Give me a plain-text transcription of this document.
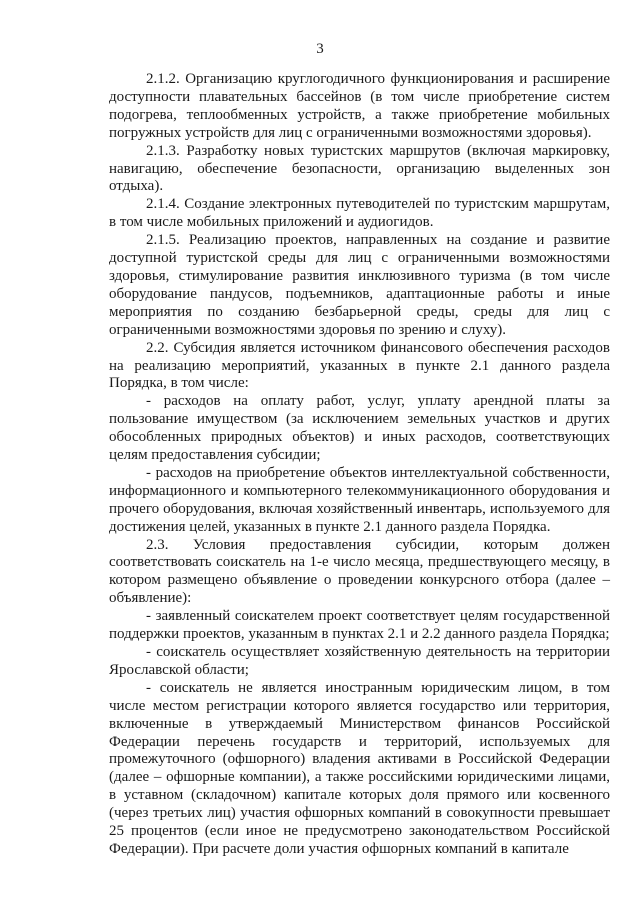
3

2.1.2. Организацию круглогодичного функционирования и расширение доступности плавательных бассейнов (в том числе приобретение систем подогрева, теплообменных устройств, а также приобретение мобильных погружных устройств для лиц с ограниченными возможностями здоровья).

2.1.3. Разработку новых туристских маршрутов (включая маркировку, навигацию, обеспечение безопасности, организацию выделенных зон отдыха).

2.1.4. Создание электронных путеводителей по туристским маршрутам, в том числе мобильных приложений и аудиогидов.

2.1.5. Реализацию проектов, направленных на создание и развитие доступной туристской среды для лиц с ограниченными возможностями здоровья, стимулирование развития инклюзивного туризма (в том числе оборудование пандусов, подъемников, адаптационные работы и иные мероприятия по созданию безбарьерной среды, среды для лиц с ограниченными возможностями здоровья по зрению и слуху).

2.2. Субсидия является источником финансового обеспечения расходов на реализацию мероприятий, указанных в пункте 2.1 данного раздела Порядка, в том числе:

- расходов на оплату работ, услуг, уплату арендной платы за пользование имуществом (за исключением земельных участков и других обособленных природных объектов) и иных расходов, соответствующих целям предоставления субсидии;

- расходов на приобретение объектов интеллектуальной собственности, информационного и компьютерного телекоммуникационного оборудования и прочего оборудования, включая хозяйственный инвентарь, используемого для достижения целей, указанных в пункте 2.1 данного раздела Порядка.

2.3. Условия предоставления субсидии, которым должен соответствовать соискатель на 1-е число месяца, предшествующего месяцу, в котором размещено объявление о проведении конкурсного отбора (далее – объявление):

- заявленный соискателем проект соответствует целям государственной поддержки проектов, указанным в пунктах 2.1 и 2.2 данного раздела Порядка;

- соискатель осуществляет хозяйственную деятельность на территории Ярославской области;

- соискатель не является иностранным юридическим лицом, в том числе местом регистрации которого является государство или территория, включенные в утверждаемый Министерством финансов Российской Федерации перечень государств и территорий, используемых для промежуточного (офшорного) владения активами в Российской Федерации (далее – офшорные компании), а также российскими юридическими лицами, в уставном (складочном) капитале которых доля прямого или косвенного (через третьих лиц) участия офшорных компаний в совокупности превышает 25 процентов (если иное не предусмотрено законодательством Российской Федерации). При расчете доли участия офшорных компаний в капитале
